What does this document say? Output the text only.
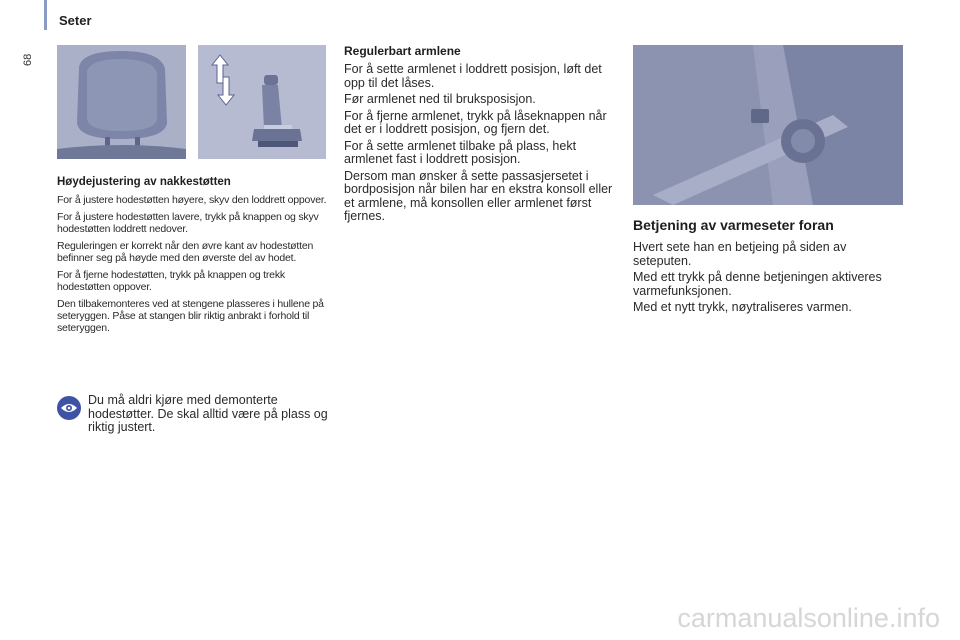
Seter
68
Høydejustering av nakkestøtten

For å justere hodestøtten høyere, skyv den loddrett oppover.

For å justere hodestøtten lavere, trykk på knappen og skyv hodestøtten loddrett nedover.

Reguleringen er korrekt når den øvre kant av hodestøtten befinner seg på høyde med den øverste del av hodet.

For å fjerne hodestøtten, trykk på knappen og trekk hodestøtten oppover.

Den tilbakemonteres ved at stengene plasseres i hullene på seteryggen. Påse at stangen blir riktig anbrakt i forhold til seteryggen.

Du må aldri kjøre med demonterte hodestøtter. De skal alltid være på plass og riktig justert.
Regulerbart armlene

For å sette armlenet i loddrett posisjon, løft det opp til det låses.

Før armlenet ned til bruksposisjon.

For å fjerne armlenet, trykk på låseknappen når det er i loddrett posisjon, og fjern det.

For å sette armlenet tilbake på plass, hekt armlenet fast i loddrett posisjon.

Dersom man ønsker å sette passasjersetet i bordposisjon når bilen har en ekstra konsoll eller et armlene, må konsollen eller armlenet først fjernes.

Betjening av varmeseter foran

Hvert sete han en betjeing på siden av seteputen.

Med ett trykk på denne betjeningen aktiveres varmefunksjonen.

Med et nytt trykk, nøytraliseres varmen.

carmanualsonline.info
